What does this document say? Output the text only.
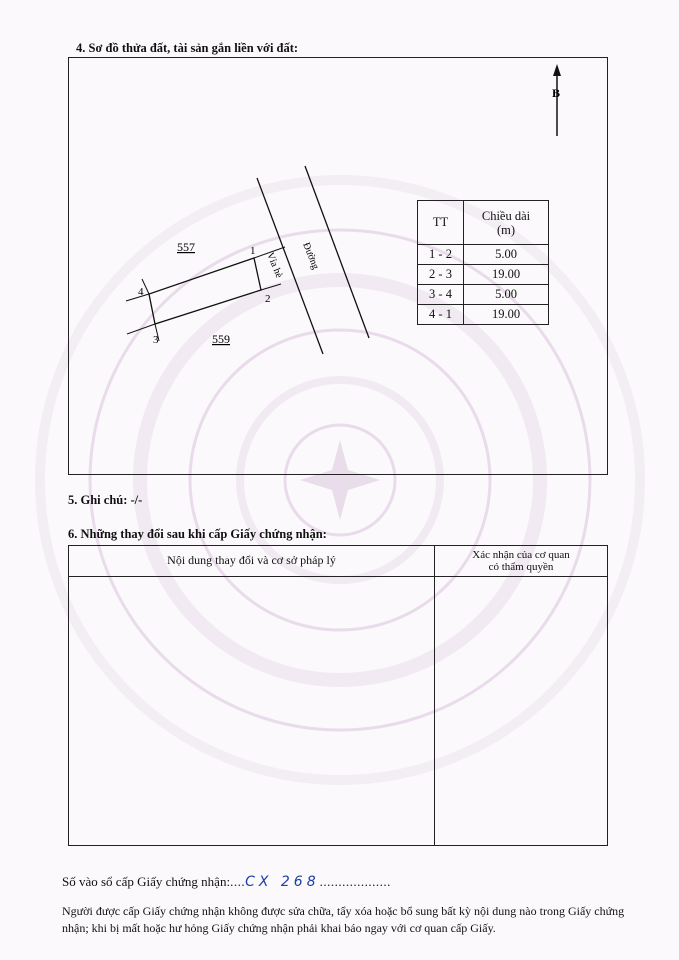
4. Sơ đồ thửa đất, tài sản gắn liền với đất:
B
Đường
Vỉa hè
1
2
3
4
557
559
TT	Chiều dài
(m)
1 - 2	5.00
2 - 3	19.00
3 - 4	5.00
4 - 1	19.00
5. Ghi chú: -/-
6. Những thay đổi sau khi cấp Giấy chứng nhận:
Nội dung thay đổi và cơ sở pháp lý	Xác nhận của cơ quan
có thẩm quyền
Số vào sổ cấp Giấy chứng nhận:....CX 268...................
Người được cấp Giấy chứng nhận không được sửa chữa, tẩy xóa hoặc bổ sung bất kỳ nội dung nào trong Giấy chứng nhận; khi bị mất hoặc hư hỏng Giấy chứng nhận phải khai báo ngay với cơ quan cấp Giấy.
